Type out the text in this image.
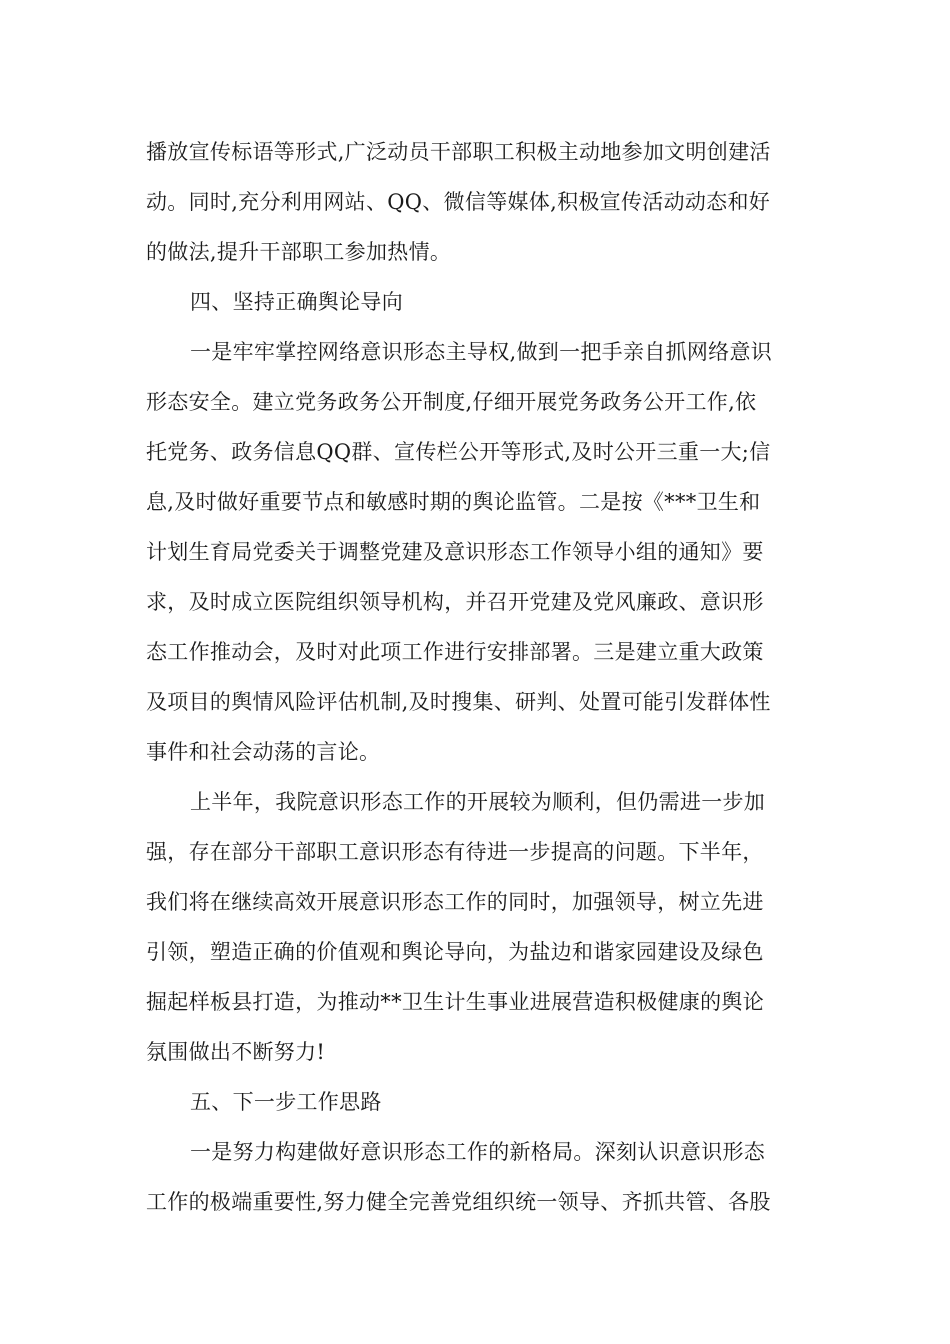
播放宣传标语等形式,广泛动员干部职工积极主动地参加文明创建活
动。同时,充分利用网站、QQ、微信等媒体,积极宣传活动动态和好
的做法,提升干部职工参加热情。
四、坚持正确舆论导向
一是牢牢掌控网络意识形态主导权,做到一把手亲自抓网络意识
形态安全。建立党务政务公开制度,仔细开展党务政务公开工作,依
托党务、政务信息QQ群、宣传栏公开等形式,及时公开三重一大;信
息,及时做好重要节点和敏感时期的舆论监管。二是按《***卫生和
计划生育局党委关于调整党建及意识形态工作领导小组的通知》要
求，及时成立医院组织领导机构，并召开党建及党风廉政、意识形
态工作推动会，及时对此项工作进行安排部署。三是建立重大政策
及项目的舆情风险评估机制,及时搜集、研判、处置可能引发群体性
事件和社会动荡的言论。
上半年，我院意识形态工作的开展较为顺利，但仍需进一步加
强，存在部分干部职工意识形态有待进一步提高的问题。下半年，
我们将在继续高效开展意识形态工作的同时，加强领导，树立先进
引领，塑造正确的价值观和舆论导向，为盐边和谐家园建设及绿色
掘起样板县打造，为推动**卫生计生事业进展营造积极健康的舆论
氛围做出不断努力!
五、下一步工作思路
一是努力构建做好意识形态工作的新格局。深刻认识意识形态
工作的极端重要性,努力健全完善党组织统一领导、齐抓共管、各股
